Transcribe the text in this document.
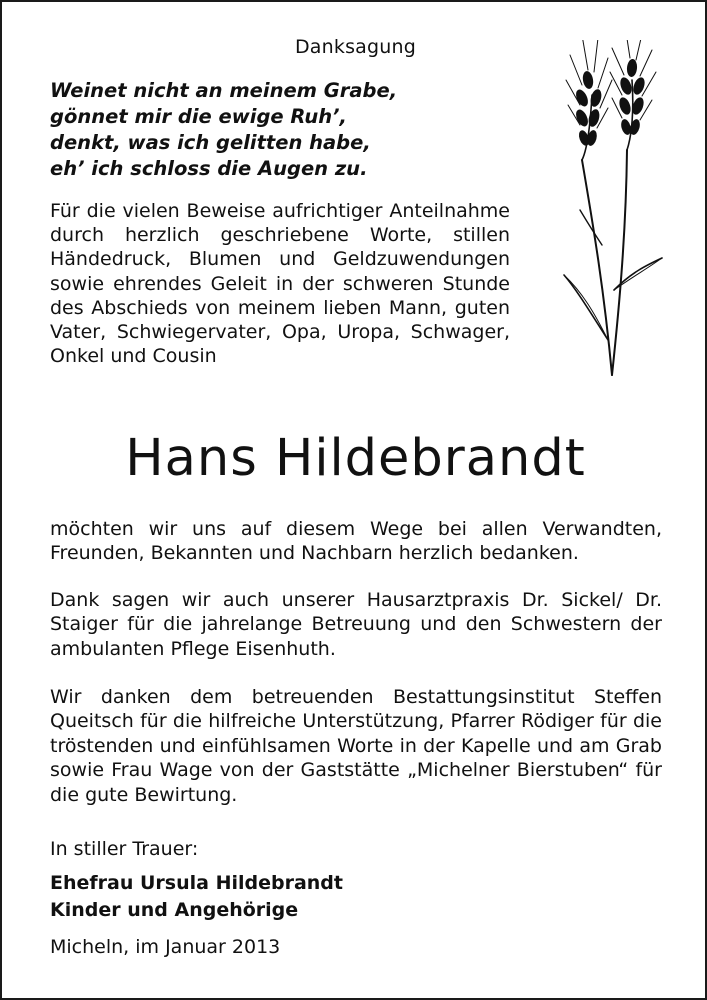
Danksagung
Weinet nicht an meinem Grabe,
gönnet mir die ewige Ruh’,
denkt, was ich gelitten habe,
eh’ ich schloss die Augen zu.
Für die vielen Beweise aufrichtiger Anteilnahme durch herzlich geschriebene Worte, stillen Händedruck, Blumen und Geldzuwendungen sowie ehrendes Geleit in der schweren Stunde des Abschieds von meinem lieben Mann, guten Vater, Schwiegervater, Opa, Uropa, Schwager, Onkel und Cousin
Hans Hildebrandt
möchten wir uns auf diesem Wege bei allen Verwandten, Freunden, Bekannten und Nachbarn herzlich bedanken.
Dank sagen wir auch unserer Hausarztpraxis Dr. Sickel/ Dr. Staiger für die jahrelange Betreuung und den Schwestern der ambulanten Pflege Eisenhuth.
Wir danken dem betreuenden Bestattungsinstitut Steffen Queitsch für die hilfreiche Unterstützung, Pfarrer Rödiger für die tröstenden und einfühlsamen Worte in der Kapelle und am Grab sowie Frau Wage von der Gaststätte „Michelner Bierstuben“ für die gute Bewirtung.
In stiller Trauer:
Ehefrau Ursula Hildebrandt
Kinder und Angehörige
Micheln, im Januar 2013
